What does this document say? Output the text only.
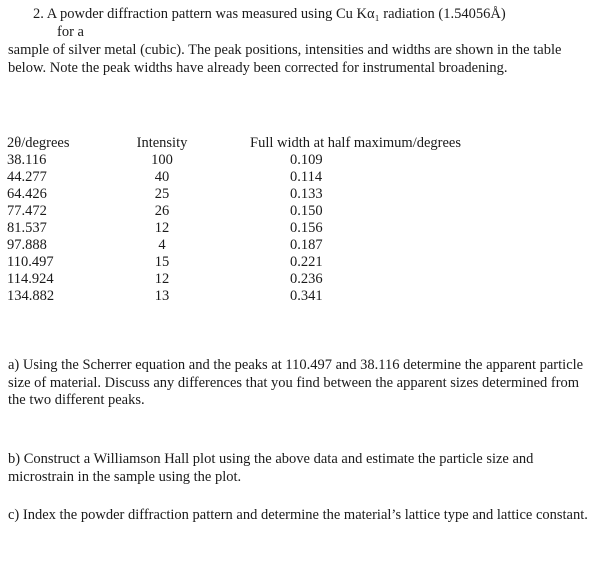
2. A powder diffraction pattern was measured using Cu Kα₁ radiation (1.54056Å)
for a
sample of silver metal (cubic). The peak positions, intensities and widths are shown in the table below. Note the peak widths have already been corrected for instrumental broadening.
2θ/degrees	Intensity	Full width at half maximum/degrees
38.116	100	0.109
44.277	40	0.114
64.426	25	0.133
77.472	26	0.150
81.537	12	0.156
97.888	4	0.187
110.497	15	0.221
114.924	12	0.236
134.882	13	0.341
a) Using the Scherrer equation and the peaks at 110.497 and 38.116 determine the apparent particle size of material. Discuss any differences that you find between the apparent sizes determined from the two different peaks.
b) Construct a Williamson Hall plot using the above data and estimate the particle size and microstrain in the sample using the plot.
c) Index the powder diffraction pattern and determine the material’s lattice type and lattice constant.
